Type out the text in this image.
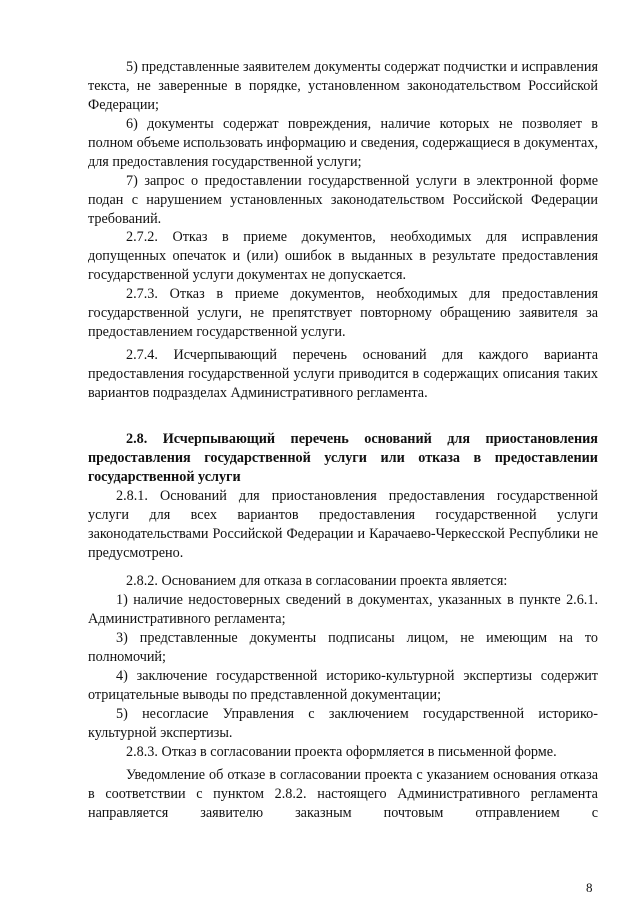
5) представленные заявителем документы содержат подчистки и исправления текста, не заверенные в порядке, установленном законодательством Российской Федерации;

6) документы содержат повреждения, наличие которых не позволяет в полном объеме использовать информацию и сведения, содержащиеся в документах, для предоставления государственной услуги;

7) запрос о предоставлении государственной услуги в электронной форме подан с нарушением установленных законодательством Российской Федерации требований.

2.7.2. Отказ в приеме документов, необходимых для исправления допущенных опечаток и (или) ошибок в выданных в результате предоставления государственной услуги документах не допускается.

2.7.3. Отказ в приеме документов, необходимых для предоставления государственной услуги, не препятствует повторному обращению заявителя за предоставлением государственной услуги.

2.7.4. Исчерпывающий перечень оснований для каждого варианта предоставления государственной услуги приводится в содержащих описания таких вариантов подразделах Административного регламента.

2.8. Исчерпывающий перечень оснований для приостановления предоставления государственной услуги или отказа в предоставлении государственной услуги

2.8.1. Оснований для приостановления предоставления государственной услуги для всех вариантов предоставления государственной услуги законодательствами Российской Федерации и Карачаево-Черкесской Республики не предусмотрено.

2.8.2. Основанием для отказа в согласовании проекта является:

1) наличие недостоверных сведений в документах, указанных в пункте 2.6.1. Административного регламента;

3) представленные документы подписаны лицом, не имеющим на то полномочий;

4) заключение государственной историко-культурной экспертизы содержит отрицательные выводы по представленной документации;

5) несогласие Управления с заключением государственной историко-культурной экспертизы.

2.8.3. Отказ в согласовании проекта оформляется в письменной форме.

Уведомление об отказе в согласовании проекта с указанием основания отказа в соответствии с пунктом 2.8.2. настоящего Административного регламента направляется заявителю заказным почтовым отправлением с

8
